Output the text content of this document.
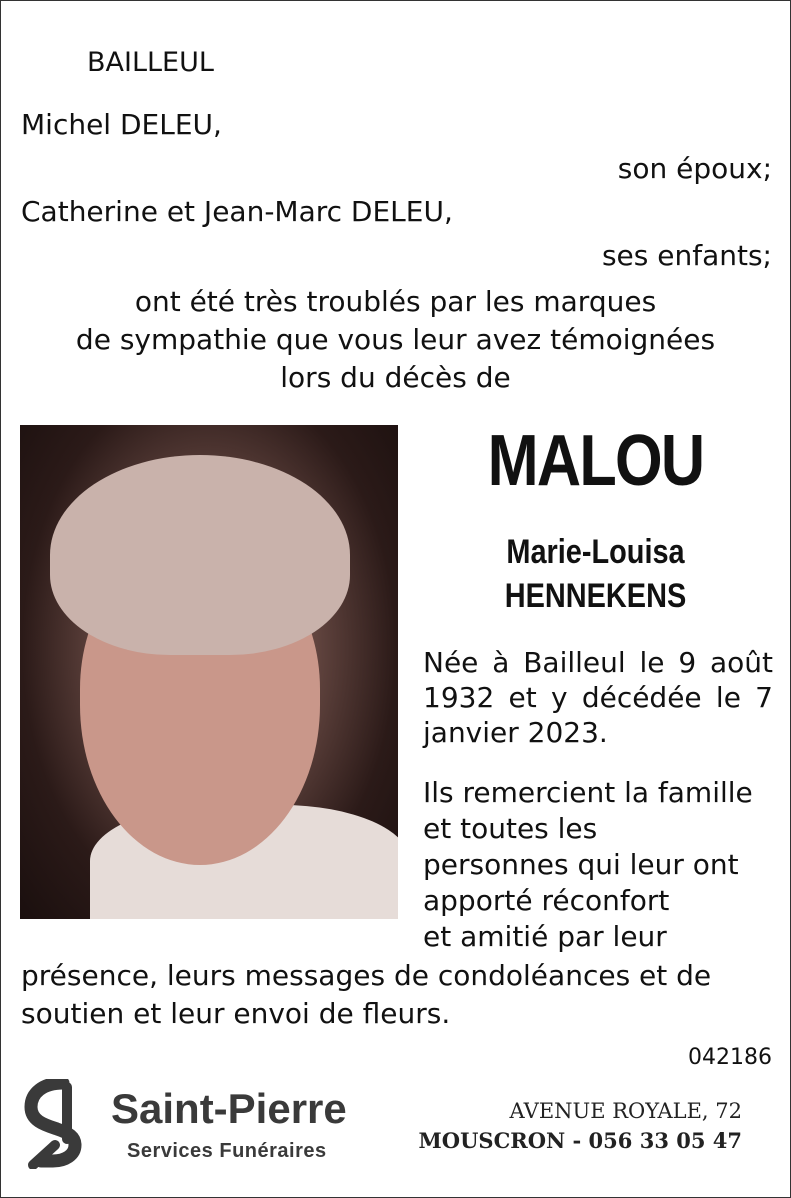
BAILLEUL
Michel DELEU,
son époux;
Catherine et Jean-Marc DELEU,
ses enfants;
ont été très troublés par les marques
de sympathie que vous leur avez témoignées
lors du décès de
MALOU
Marie-Louisa
HENNEKENS
Née à Bailleul le 9 août 1932 et y décédée le 7 janvier 2023.
Ils remercient la famille
et toutes les
personnes qui leur ont
apporté réconfort
et amitié par leur
présence, leurs messages de condoléances et de
soutien et leur envoi de fleurs.
042186
Saint-Pierre
Services Funéraires
AVENUE ROYALE, 72
MOUSCRON - 056 33 05 47
